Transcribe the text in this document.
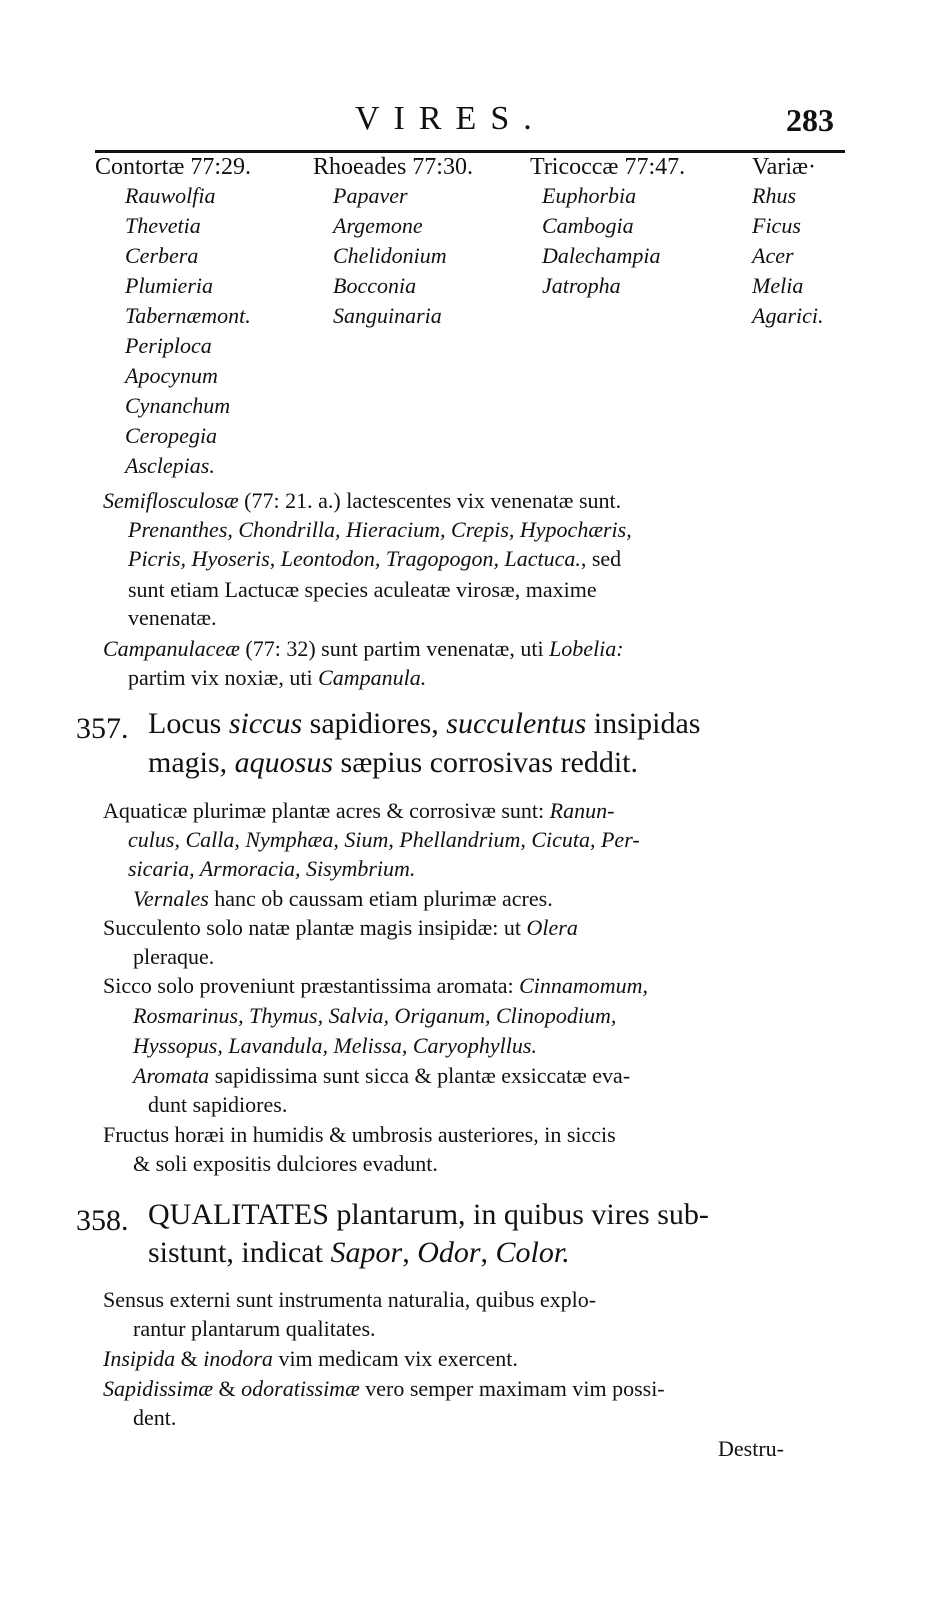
VIRES.	283
Contortæ 77:29.
Rauwolfia
Thevetia
Cerbera
Plumieria
Tabernæmont.
Periploca
Apocynum
Cynanchum
Ceropegia
Asclepias.
Rhoeades 77:30.
Papaver
Argemone
Chelidonium
Bocconia
Sanguinaria
Tricoccæ 77:47.
Euphorbia
Cambogia
Dalechampia
Jatropha
Variæ·
Rhus
Ficus
Acer
Melia
Agarici.
Semiflosculosæ (77: 21. a.) lactescentes vix venenatæ sunt.
Prenanthes, Chondrilla, Hieracium, Crepis, Hypochæris,
Picris, Hyoseris, Leontodon, Tragopogon, Lactuca., sed
sunt etiam Lactucæ species aculeatæ virosæ, maxime
venenatæ.
Campanulaceæ (77: 32) sunt partim venenatæ, uti Lobelia:
partim vix noxiæ, uti Campanula.
357. Locus siccus sapidiores, succulentus insipidas
magis, aquosus sæpius corrosivas reddit.
Aquaticæ plurimæ plantæ acres & corrosivæ sunt: Ranun-
culus, Calla, Nymphæa, Sium, Phellandrium, Cicuta, Per-
sicaria, Armoracia, Sisymbrium.
Vernales hanc ob caussam etiam plurimæ acres.
Succulento solo natæ plantæ magis insipidæ: ut Olera
pleraque.
Sicco solo proveniunt præstantissima aromata: Cinnamomum,
Rosmarinus, Thymus, Salvia, Origanum, Clinopodium,
Hyssopus, Lavandula, Melissa, Caryophyllus.
Aromata sapidissima sunt sicca & plantæ exsiccatæ eva-
dunt sapidiores.
Fructus horæi in humidis & umbrosis austeriores, in siccis
& soli expositis dulciores evadunt.
358. QUALITATES plantarum, in quibus vires sub-
sistunt, indicat Sapor, Odor, Color.
Sensus externi sunt instrumenta naturalia, quibus explo-
rantur plantarum qualitates.
Insipida & inodora vim medicam vix exercent.
Sapidissimæ & odoratissimæ vero semper maximam vim possi-
dent.
Destru-
